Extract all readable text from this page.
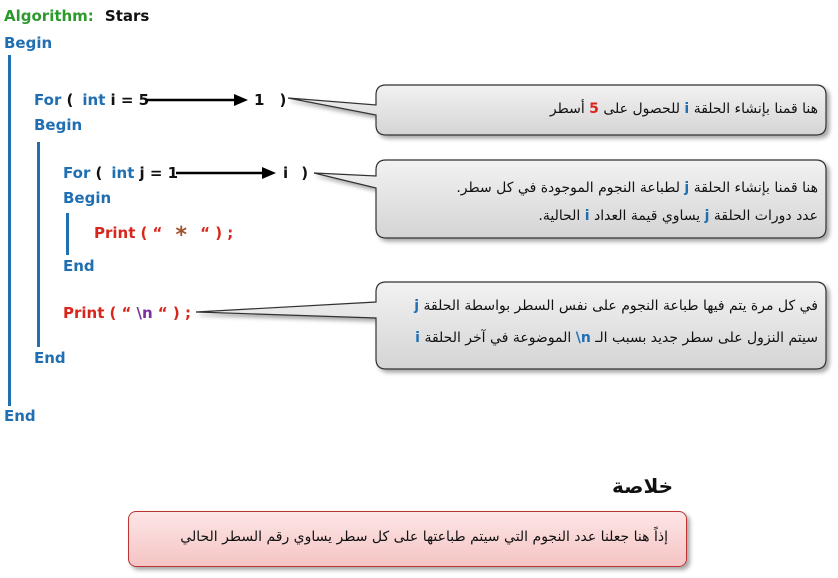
Algorithm: Stars
Begin
For ( int i = 5	1 )
Begin
For ( int j = 1	i )
Begin
Print ( “ * “ ) ;
End
Print ( “ \n “ ) ;
End
End
هنا قمنا بإنشاء الحلقة i للحصول على 5 أسطر
هنا قمنا بإنشاء الحلقة j لطباعة النجوم الموجودة في كل سطر.
عدد دورات الحلقة j يساوي قيمة العداد i الحالية.
في كل مرة يتم فيها طباعة النجوم على نفس السطر بواسطة الحلقة j
سيتم النزول على سطر جديد بسبب الـ \n الموضوعة في آخر الحلقة i
خلاصة
إذاً هنا جعلنا عدد النجوم التي سيتم طباعتها على كل سطر يساوي رقم السطر الحالي
